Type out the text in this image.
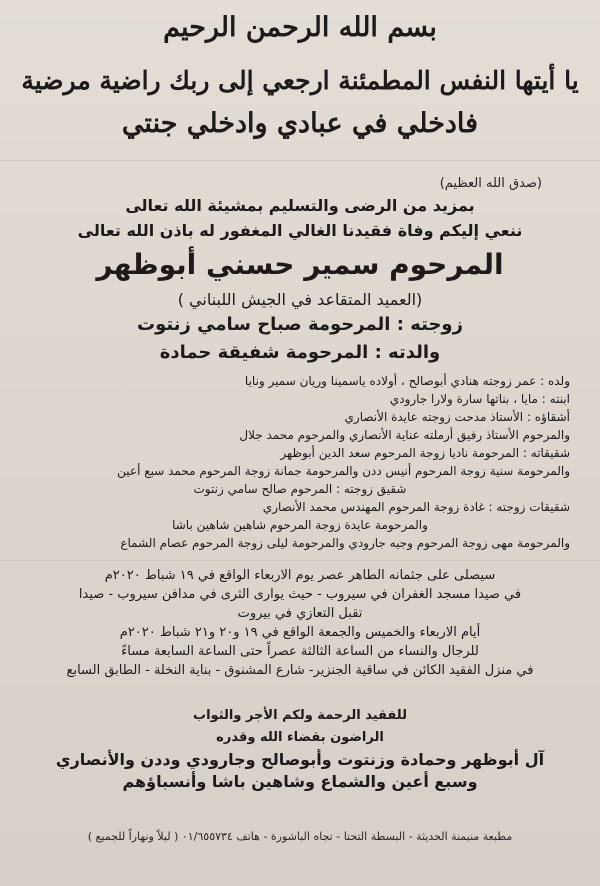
بسم الله الرحمن الرحيم
يا أيتها النفس المطمئنة ارجعي إلى ربك راضية مرضية
فادخلي في عبادي وادخلي جنتي
(صدق الله العظيم)
بمزيد من الرضى والتسليم بمشيئة الله تعالى
ننعي إليكم وفاة فقيدنا الغالي المغفور له باذن الله تعالى
المرحوم سمير حسني أبوظهر
(العميد المتقاعد في الجيش اللبناني )
زوجته : المرحومة صباح سامي زنتوت
والدته : المرحومة شفيقة حمادة
ولده : عمر زوجته هنادي أبوصالح ، أولاده ياسمينا وريان سمير ونايا
ابنته : مايا ، بناتها سارة ولارا جارودي
أشقاؤه : الأستاذ مدحت زوجته عايدة الأنصاري
والمرحوم الأستاذ رفيق أرملته عناية الأنصاري والمرحوم محمد جلال
شقيقاته : المرحومة ناديا زوجة المرحوم سعد الدين أبوظهر
والمرحومة سنية زوجة المرحوم أنيس ددن والمرحومة جمانة زوجة المرحوم محمد سبع أعين
شقيق زوجته : المرحوم صالح سامي زنتوت
شقيقات زوجته : غادة زوجة المرحوم المهندس محمد الأنصاري
والمرحومة عايدة زوجة المرحوم شاهين شاهين باشا
والمرحومة مهى زوجة المرحوم وجيه جارودي والمرحومة ليلى زوجة المرحوم عصام الشماع
سيصلى على جثمانه الطاهر عصر يوم الاربعاء الواقع في ١٩ شباط ٢٠٢٠م
في صيدا مسجد الغفران في سيروب - حيث يوارى الثرى في مدافن سيروب - صيدا
تقبل التعازي في بيروت
أيام الاربعاء والخميس والجمعة الواقع في ١٩ و٢٠ و٢١ شباط ٢٠٢٠م
للرجال والنساء من الساعة الثالثة عصراً حتى الساعة السابعة مساءً
في منزل الفقيد الكائن في ساقية الجنزير- شارع المشنوق - بناية النخلة - الطابق السابع
للفقيد الرحمة ولكم الأجر والثواب
الراضون بقضاء الله وقدره
آل أبوظهر وحمادة وزنتوت وأبوصالح وجارودي وددن والأنصاري
وسبع أعين والشماع وشاهين باشا وأنسباؤهم
مطبعة منيمنة الحديثة - البسطة التحتا - تجاه الباشورة - هاتف ٠١/٦٥٥٧٣٤ ( ليلاً ونهاراً للجميع )
